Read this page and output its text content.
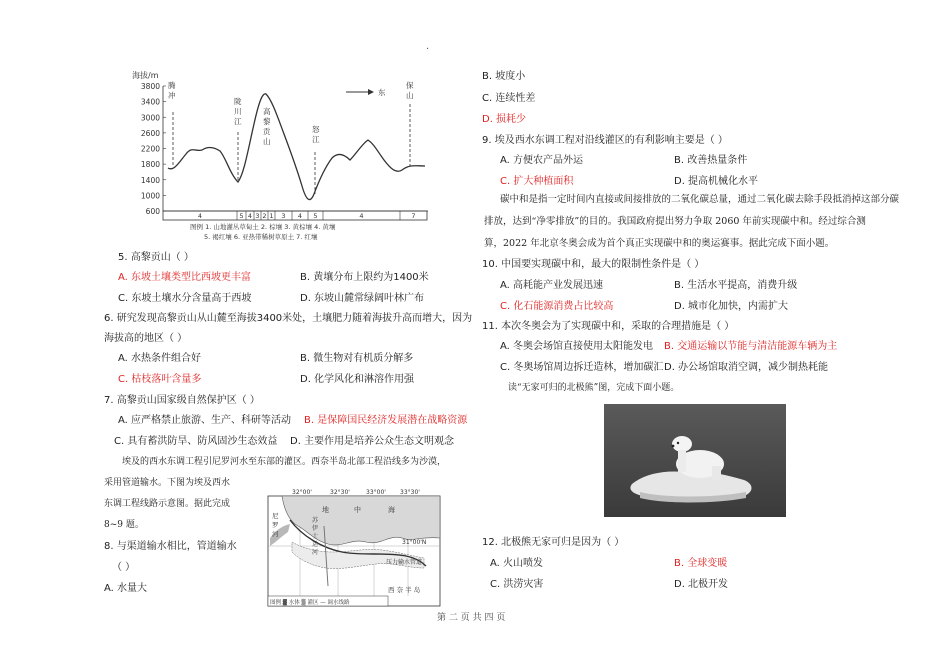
.
海拔/m
3800
3400
3000
2600
2200
1800
1400
1000
600
腾
冲
陇
川
江
高
黎
贡
山
怒
江
保
山
东
4	5 4 3 2 1 3 4 5	4	7
图例 1. 山地灌丛草甸土 2. 棕壤 3. 黄棕壤 4. 黄壤
5. 褐红壤 6. 亚热带稀树草原土 7. 红壤
5. 高黎贡山（ ）
A. 东坡土壤类型比西坡更丰富	B. 黄壤分布上限约为1400米
C. 东坡土壤水分含量高于西坡	D. 东坡山麓常绿阔叶林广布
6. 研究发现高黎贡山从山麓至海拔3400米处，土壤肥力随着海拔升高而增大，因为
海拔高的地区（ ）
A. 水热条件组合好	B. 微生物对有机质分解多
C. 枯枝落叶含量多	D. 化学风化和淋溶作用强
7. 高黎贡山国家级自然保护区（ ）
A. 应严格禁止旅游、生产、科研等活动 B. 是保障国民经济发展潜在战略资源
C. 具有蓄洪防旱、防风固沙生态效益 D. 主要作用是培养公众生态文明观念
埃及的西水东调工程引尼罗河水至东部的灌区。西奈半岛北部工程沿线多为沙漠，
采用管道输水。下图为埃及西水
东调工程线路示意图。据此完成
8~9 题。
8. 与渠道输水相比，管道输水
（ ）
A. 水量大
32°00'	32°30'	33°00' 33°30'
31°00'N
地	中	海
尼
罗
河
苏
伊
士
运
河
压力输水管道
西 奈 半 岛
图例 ▓ 水体 ▒ 灌区 — 调水线路
B. 坡度小
C. 连续性差
D. 损耗少
9. 埃及西水东调工程对沿线灌区的有利影响主要是（ ）
A. 方便农产品外运	B. 改善热量条件
C. 扩大种植面积	D. 提高机械化水平
碳中和是指一定时间内直接或间接排放的二氧化碳总量，通过二氧化碳去除手段抵消掉这部分碳
排放，达到“净零排放”的目的。我国政府提出努力争取 2060 年前实现碳中和。经过综合测
算，2022 年北京冬奥会成为首个真正实现碳中和的奥运赛事。据此完成下面小题。
10. 中国要实现碳中和，最大的限制性条件是（ ）
A. 高耗能产业发展迅速	B. 生活水平提高，消费升级
C. 化石能源消费占比较高	D. 城市化加快，内需扩大
11. 本次冬奥会为了实现碳中和，采取的合理措施是（ ）
A. 冬奥会场馆直接使用太阳能发电 B. 交通运输以节能与清洁能源车辆为主
C. 冬奥场馆周边拆迁造林，增加碳汇 D. 办公场馆取消空调，减少制热耗能
读“无家可归的北极熊”图，完成下面小题。
12. 北极熊无家可归是因为（ ）
A. 火山喷发	B. 全球变暖
C. 洪涝灾害	D. 北极开发
第 二 页 共 四 页
